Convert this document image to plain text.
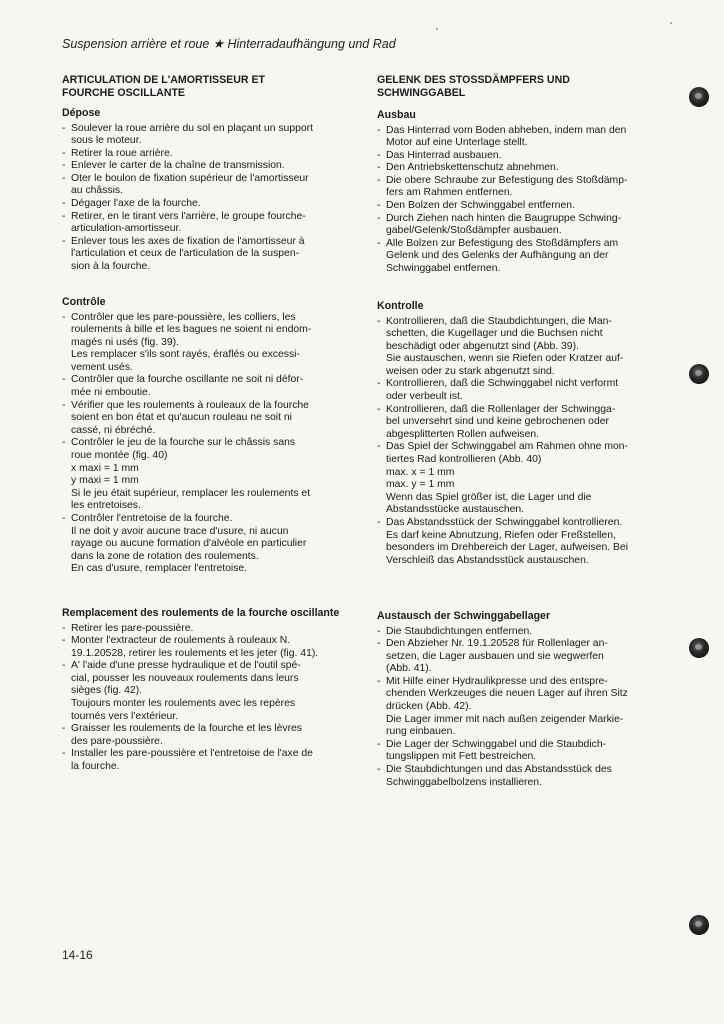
Suspension arrière et roue ★ Hinterradaufhängung und Rad
ARTICULATION DE L'AMORTISSEUR ET
FOURCHE OSCILLANTE
Dépose
- Soulever la roue arrière du sol en plaçant un support
sous le moteur.
- Retirer la roue arrière.
- Enlever le carter de la chaîne de transmission.
- Oter le boulon de fixation supérieur de l'amortisseur
au châssis.
- Dégager l'axe de la fourche.
- Retirer, en le tirant vers l'arrière, le groupe fourche-
articulation-amortisseur.
- Enlever tous les axes de fixation de l'amortisseur à
l'articulation et ceux de l'articulation de la suspen-
sion à la fourche.
Contrôle
- Contrôler que les pare-poussière, les colliers, les
roulements à bille et les bagues ne soient ni endom-
magés ni usés (fig. 39).
Les remplacer s'ils sont rayés, éraflés ou excessi-
vement usés.
- Contrôler que la fourche oscillante ne soit ni défor-
mée ni emboutie.
- Vérifier que les roulements à rouleaux de la fourche
soient en bon état et qu'aucun rouleau ne soit ni
cassé, ni ébréché.
- Contrôler le jeu de la fourche sur le châssis sans
roue montée (fig. 40)
x maxi = 1 mm
y maxi = 1 mm
Si le jeu était supérieur, remplacer les roulements et
les entretoises.
- Contrôler l'entretoise de la fourche.
Il ne doit y avoir aucune trace d'usure, ni aucun
rayage ou aucune formation d'alvéole en particulier
dans la zone de rotation des roulements.
En cas d'usure, remplacer l'entretoise.
Remplacement des roulements de la fourche oscillante
- Retirer les pare-poussière.
- Monter l'extracteur de roulements à rouleaux N.
19.1.20528, retirer les roulements et les jeter (fig. 41).
- A' l'aide d'une presse hydraulique et de l'outil spé-
cial, pousser les nouveaux roulements dans leurs
sièges (fig. 42).
Toujours monter les roulements avec les repères
tournés vers l'extérieur.
- Graisser les roulements de la fourche et les lèvres
des pare-poussière.
- Installer les pare-poussière et l'entretoise de l'axe de
la fourche.
GELENK DES STOSSDÄMPFERS UND
SCHWINGGABEL
Ausbau
- Das Hinterrad vom Boden abheben, indem man den
Motor auf eine Unterlage stellt.
- Das Hinterrad ausbauen.
- Den Antriebskettenschutz abnehmen.
- Die obere Schraube zur Befestigung des Stoßdämp-
fers am Rahmen entfernen.
- Den Bolzen der Schwinggabel entfernen.
- Durch Ziehen nach hinten die Baugruppe Schwing-
gabel/Gelenk/Stoßdämpfer ausbauen.
- Alle Bolzen zur Befestigung des Stoßdämpfers am
Gelenk und des Gelenks der Aufhängung an der
Schwinggabel entfernen.
Kontrolle
- Kontrollieren, daß die Staubdichtungen, die Man-
schetten, die Kugellager und die Buchsen nicht
beschädigt oder abgenutzt sind (Abb. 39).
Sie austauschen, wenn sie Riefen oder Kratzer auf-
weisen oder zu stark abgenutzt sind.
- Kontrollieren, daß die Schwinggabel nicht verformt
oder verbeult ist.
- Kontrollieren, daß die Rollenlager der Schwingga-
bel unversehrt sind und keine gebrochenen oder
abgesplitterten Rollen aufweisen.
- Das Spiel der Schwinggabel am Rahmen ohne mon-
tiertes Rad kontrollieren (Abb. 40)
max. x = 1 mm
max. y = 1 mm
Wenn das Spiel größer ist, die Lager und die
Abstandsstücke austauschen.
- Das Abstandsstück der Schwinggabel kontrollieren.
Es darf keine Abnutzung, Riefen oder Freßstellen,
besonders im Drehbereich der Lager, aufweisen. Bei
Verschleiß das Abstandsstück austauschen.
Austausch der Schwinggabellager
- Die Staubdichtungen entfernen.
- Den Abzieher Nr. 19.1.20528 für Rollenlager an-
setzen, die Lager ausbauen und sie wegwerfen
(Abb. 41).
- Mit Hilfe einer Hydraulikpresse und des entspre-
chenden Werkzeuges die neuen Lager auf ihren Sitz
drücken (Abb. 42).
Die Lager immer mit nach außen zeigender Markie-
rung einbauen.
- Die Lager der Schwinggabel und die Staubdich-
tungslippen mit Fett bestreichen.
- Die Staubdichtungen und das Abstandsstück des
Schwinggabelbolzens installieren.
14-16
